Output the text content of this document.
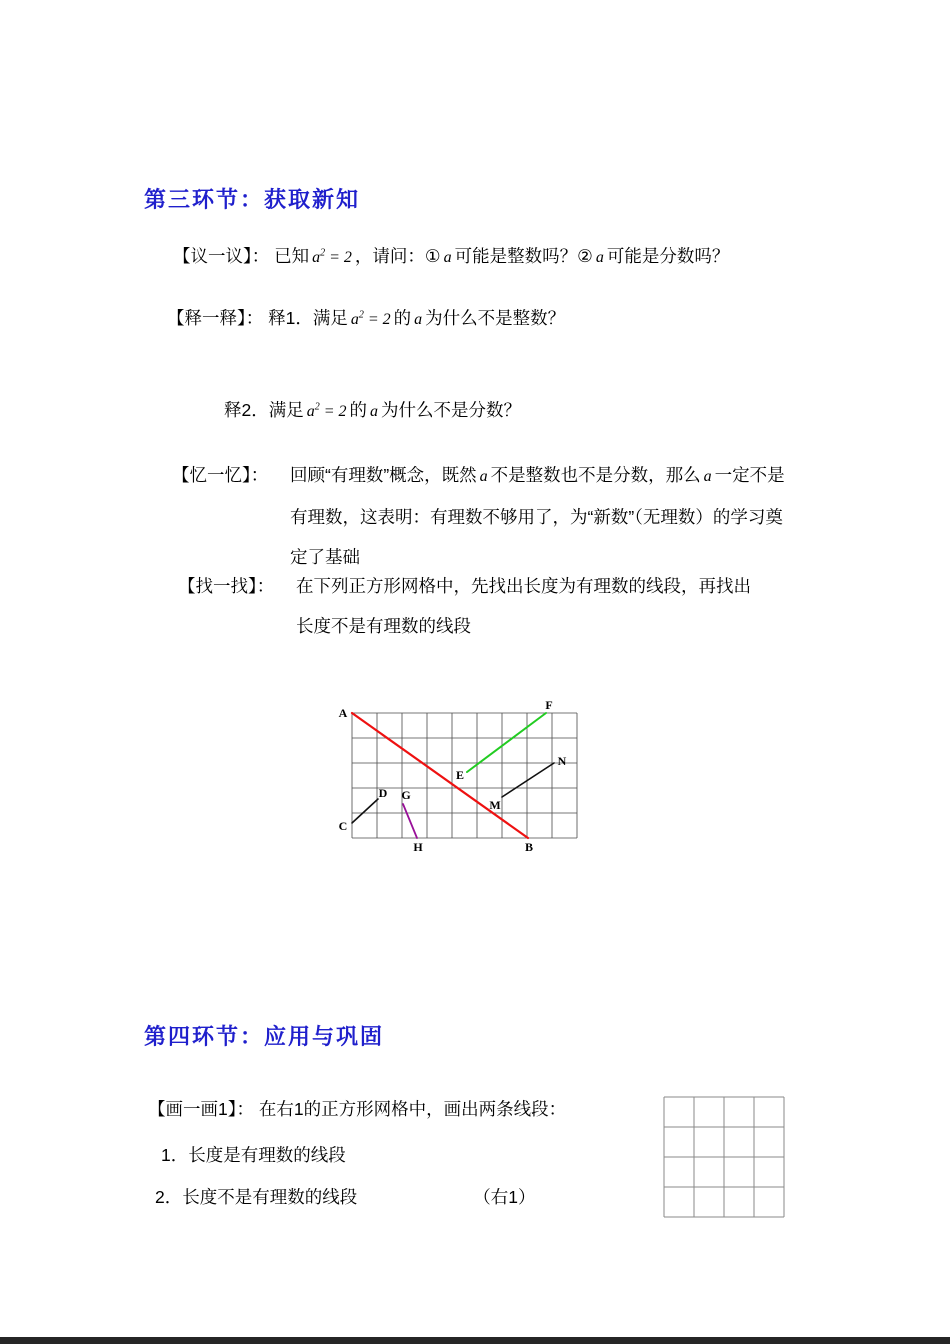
第三环节：获取新知
【议一议】： 已知 $a^2 = 2$ ，请问：① a 可能是整数吗？② a 可能是分数吗？
【释一释】： 释1．满足 $a^2 = 2$ 的 a 为什么不是整数？
释2．满足 $a^2 = 2$ 的 a 为什么不是分数？
【忆一忆】：	回顾“有理数”概念，既然 a 不是整数也不是分数，那么 a 一定不是有理数，这表明：有理数不够用了，为“新数”（无理数）的学习奠定了基础
【找一找】：	在下列正方形网格中，先找出长度为有理数的线段，再找出长度不是有理数的线段
A
F
E
N
M
D G
C
B
H
第四环节：应用与巩固
【画一画1】： 在右1的正方形网格中，画出两条线段：
1．长度是有理数的线段
2．长度不是有理数的线段	（右1）
